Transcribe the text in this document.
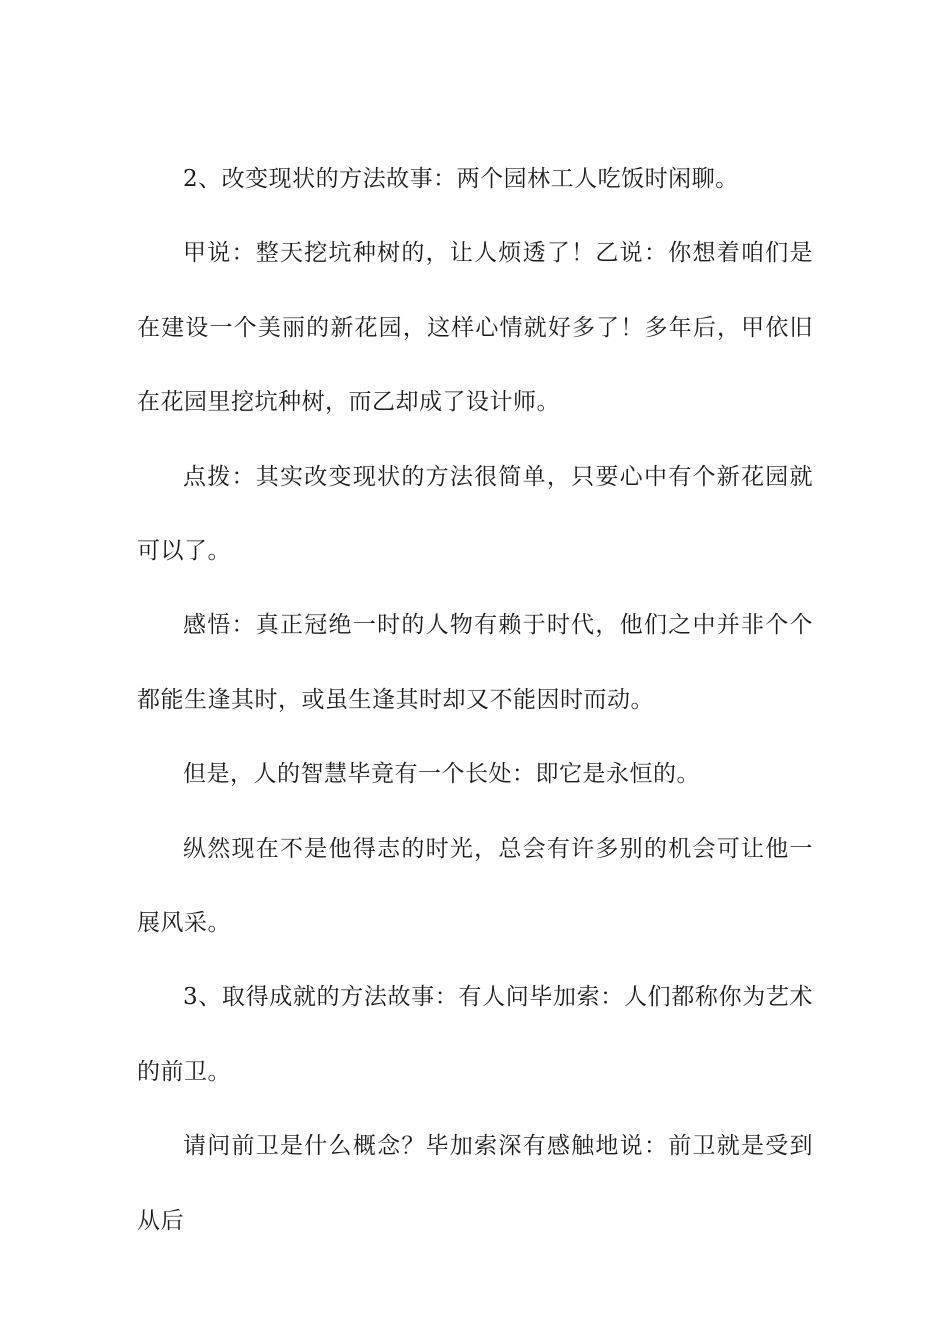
2、改变现状的方法故事：两个园林工人吃饭时闲聊。

甲说：整天挖坑种树的，让人烦透了！乙说：你想着咱们是在建设一个美丽的新花园，这样心情就好多了！多年后，甲依旧在花园里挖坑种树，而乙却成了设计师。

点拨：其实改变现状的方法很简单，只要心中有个新花园就可以了。

感悟：真正冠绝一时的人物有赖于时代，他们之中并非个个都能生逢其时，或虽生逢其时却又不能因时而动。

但是，人的智慧毕竟有一个长处：即它是永恒的。

纵然现在不是他得志的时光，总会有许多别的机会可让他一展风采。

3、取得成就的方法故事：有人问毕加索：人们都称你为艺术的前卫。

请问前卫是什么概念？毕加索深有感触地说：前卫就是受到从后
